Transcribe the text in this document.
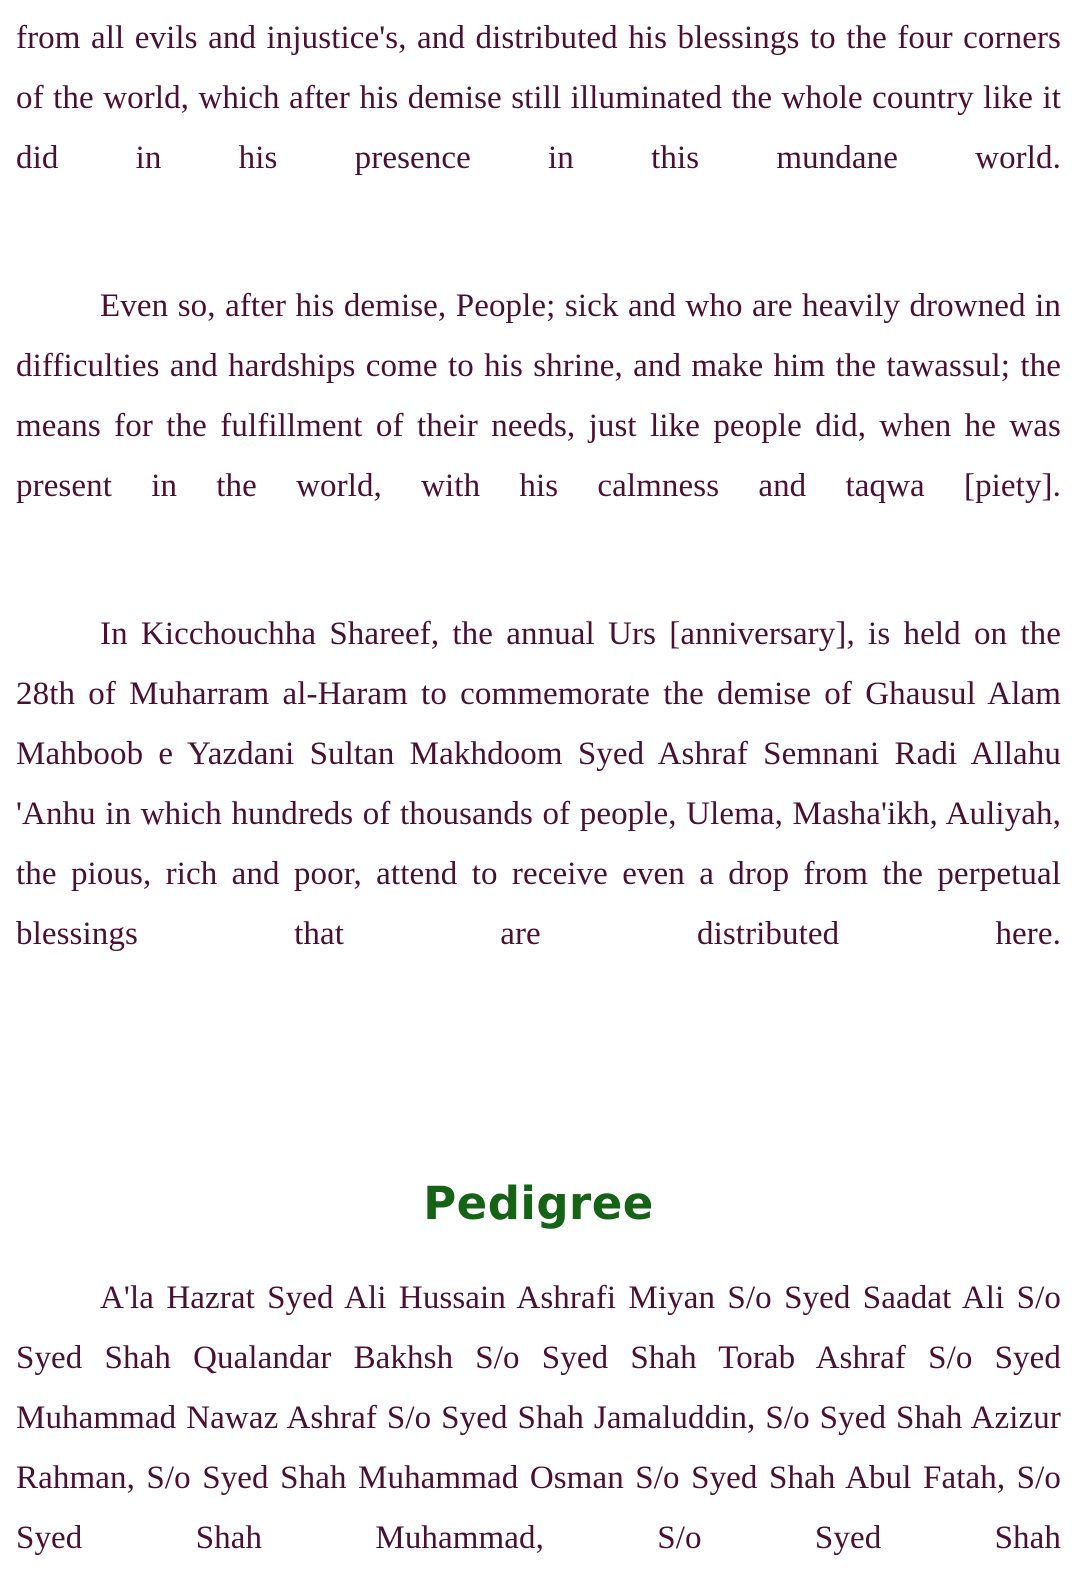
from all evils and injustice's, and distributed his blessings to the four corners of the world, which after his demise still illuminated the whole country like it did in his presence in this mundane world.

Even so, after his demise, People; sick and who are heavily drowned in difficulties and hardships come to his shrine, and make him the tawassul; the means for the fulfillment of their needs, just like people did, when he was present in the world, with his calmness and taqwa [piety].

In Kicchouchha Shareef, the annual Urs [anniversary], is held on the 28th of Muharram al-Haram to commemorate the demise of Ghausul Alam Mahboob e Yazdani Sultan Makhdoom Syed Ashraf Semnani Radi Allahu 'Anhu in which hundreds of thousands of people, Ulema, Masha'ikh, Auliyah, the pious, rich and poor, attend to receive even a drop from the perpetual blessings that are distributed here.

Pedigree

A'la Hazrat Syed Ali Hussain Ashrafi Miyan S/o Syed Saadat Ali S/o Syed Shah Qualandar Bakhsh S/o Syed Shah Torab Ashraf S/o Syed Muhammad Nawaz Ashraf S/o Syed Shah Jamaluddin, S/o Syed Shah Azizur Rahman, S/o Syed Shah Muhammad Osman S/o Syed Shah Abul Fatah, S/o Syed Shah Muhammad, S/o Syed Shah
